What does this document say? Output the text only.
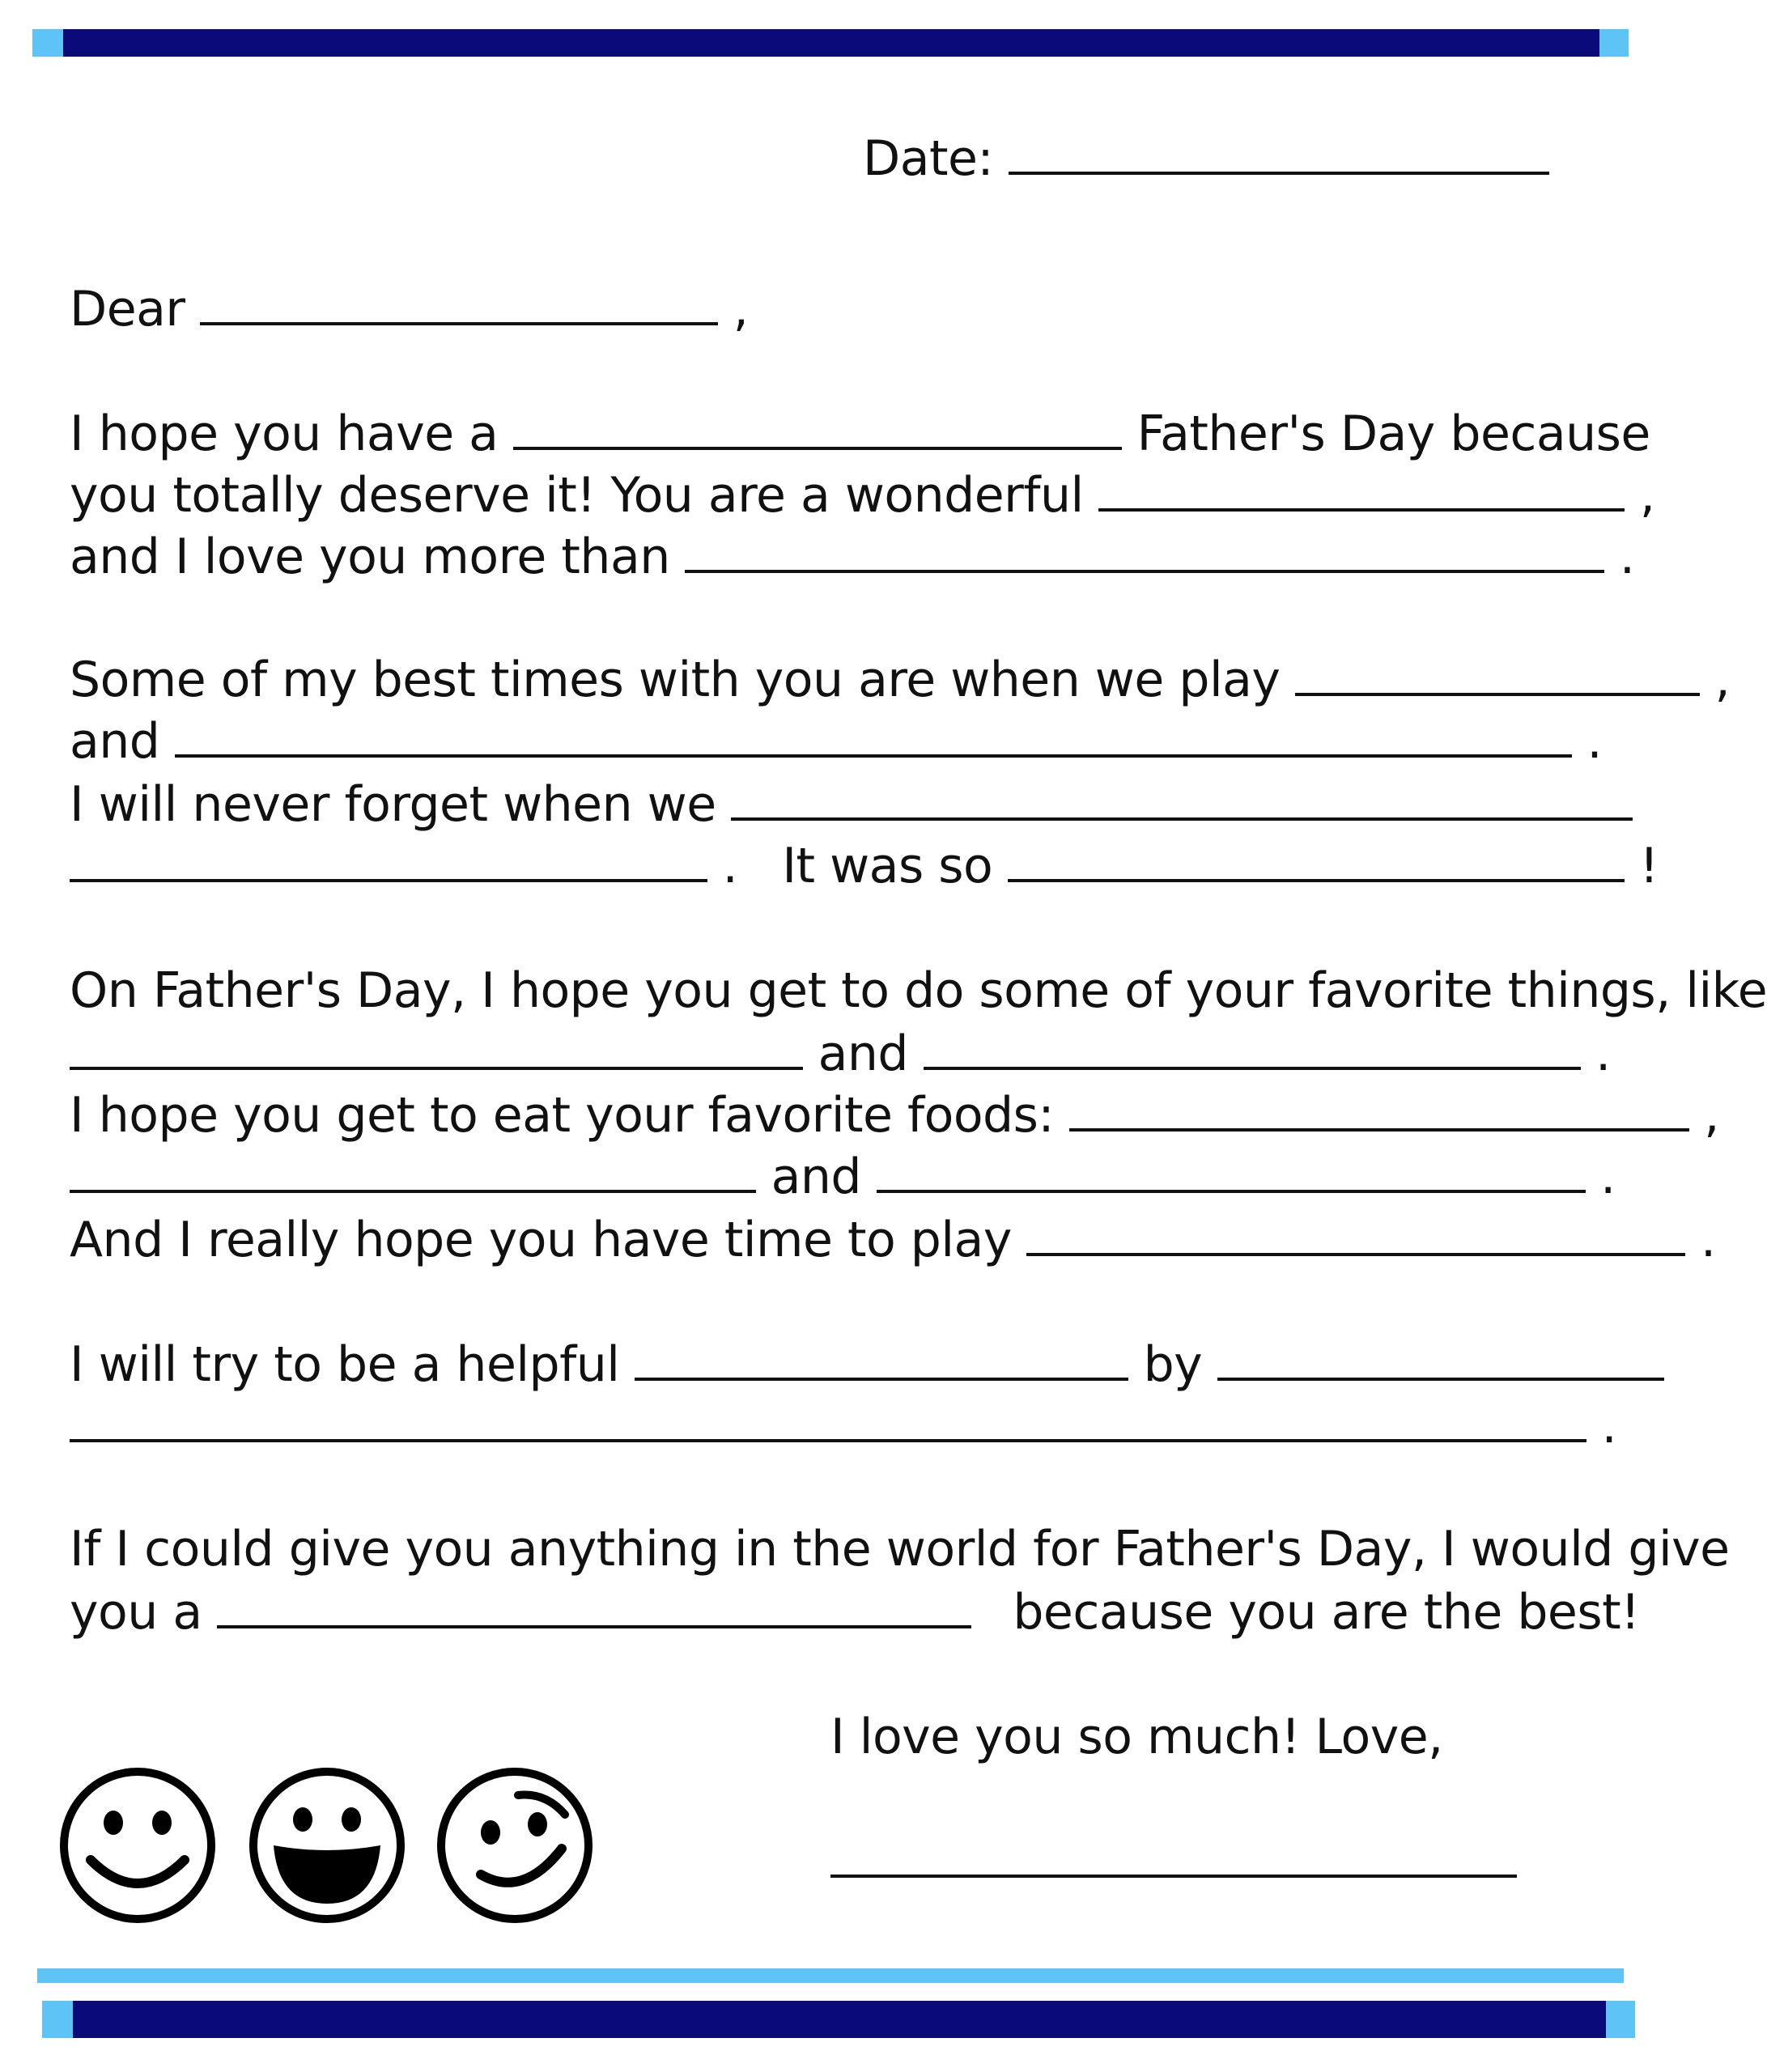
Date:
Dear	,
I hope you have a	Father's Day because
you totally deserve it! You are a wonderful	,
and I love you more than	.
Some of my best times with you are when we play	,
and	.
I will never forget when we
. It was so	!
On Father's Day, I hope you get to do some of your favorite things, like
and	.
I hope you get to eat your favorite foods:	,
and	.
And I really hope you have time to play	.
I will try to be a helpful	by
.
If I could give you anything in the world for Father's Day, I would give
you a	because you are the best!
I love you so much! Love,
